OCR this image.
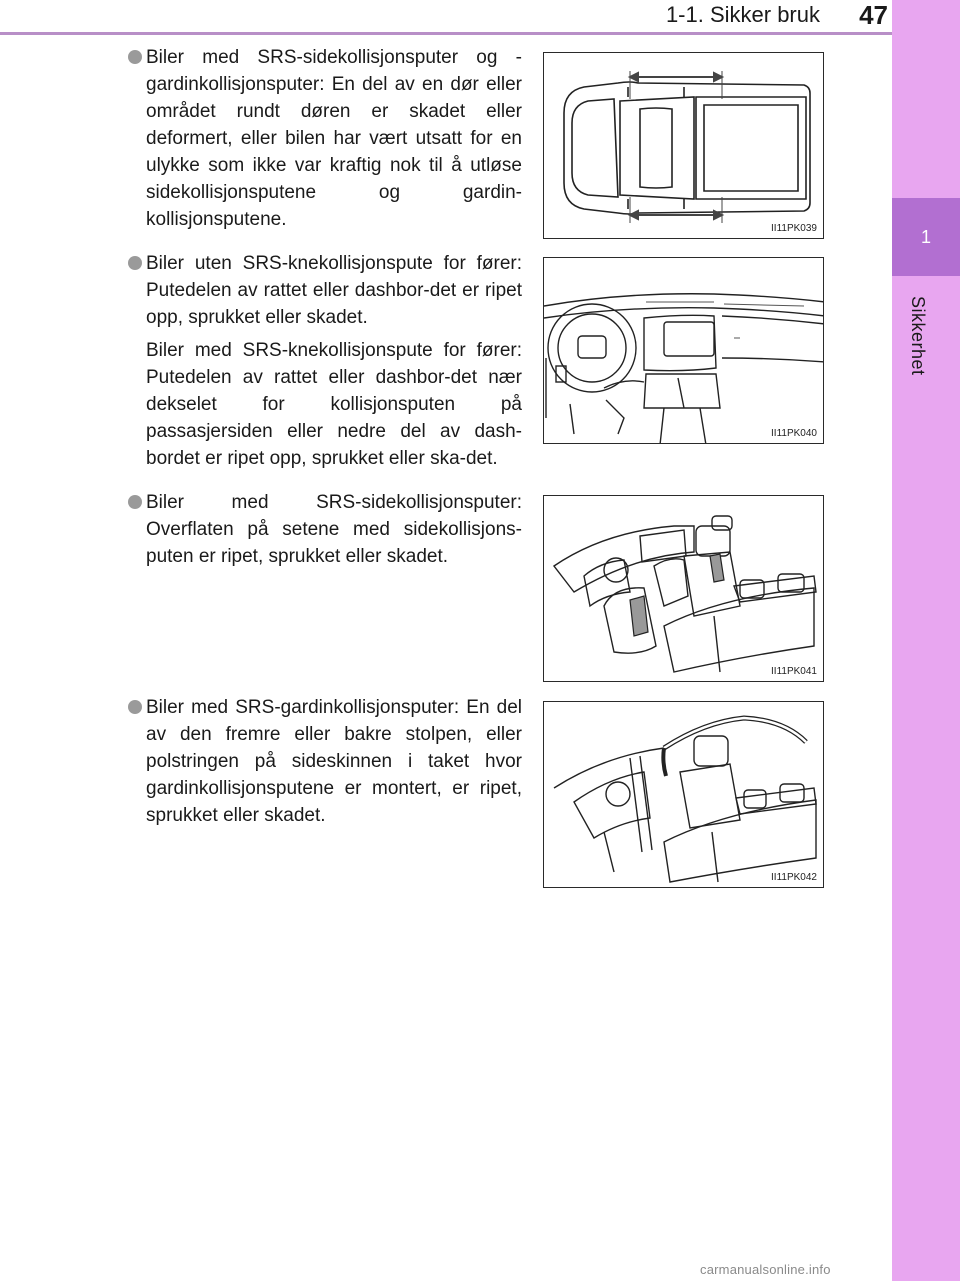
1-1. Sikker bruk	47
1
Sikkerhet

Biler med SRS-sidekollisjonsputer og -gardinkollisjonsputer: En del av en dør eller området rundt døren er skadet eller deformert, eller bilen har vært utsatt for en ulykke som ikke var kraftig nok til å utløse sidekollisjonsputene og gardin-kollisjonsputene.	II11PK039

Biler uten SRS-knekollisjonspute for fører: Putedelen av rattet eller dashbor-det er ripet opp, sprukket eller skadet.

Biler med SRS-knekollisjonspute for fører: Putedelen av rattet eller dashbor-det nær dekselet for kollisjonsputen på passasjersiden eller nedre del av dash-bordet er ripet opp, sprukket eller ska-det.

II11PK040

Biler med SRS-sidekollisjonsputer: Overflaten på setene med sidekollisjons-puten er ripet, sprukket eller skadet.

II11PK041

Biler med SRS-gardinkollisjonsputer: En del av den fremre eller bakre stolpen, eller polstringen på sideskinnen i taket hvor gardinkollisjonsputene er montert, er ripet, sprukket eller skadet.

II11PK042
carmanualsonline.info
